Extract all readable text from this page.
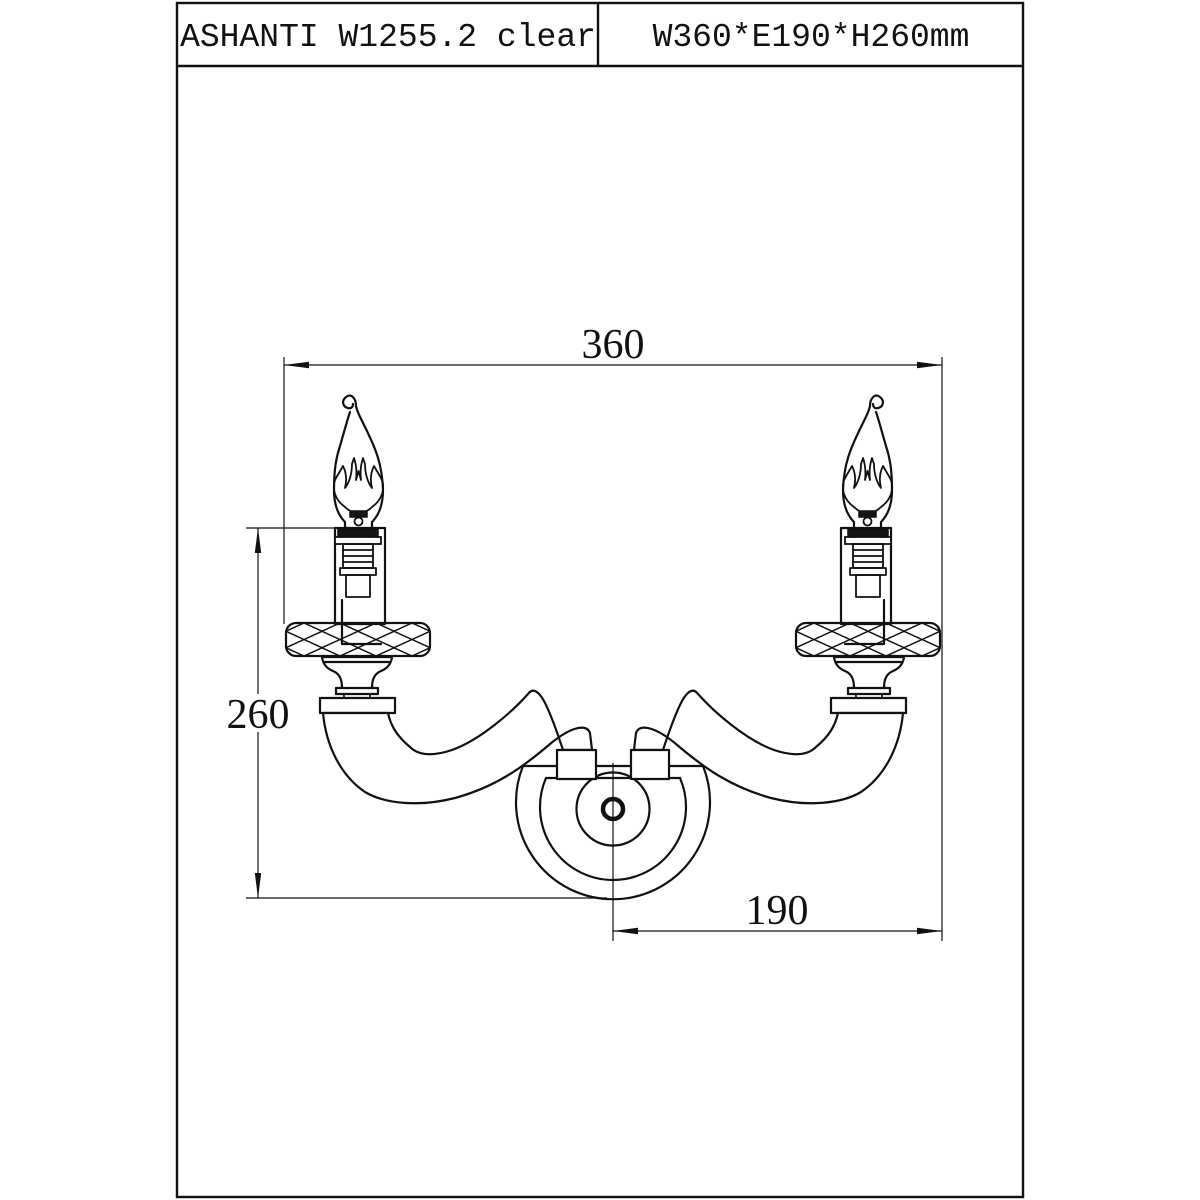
ASHANTI W1255.2 clear W360*E190*H260mm
360
260
190
